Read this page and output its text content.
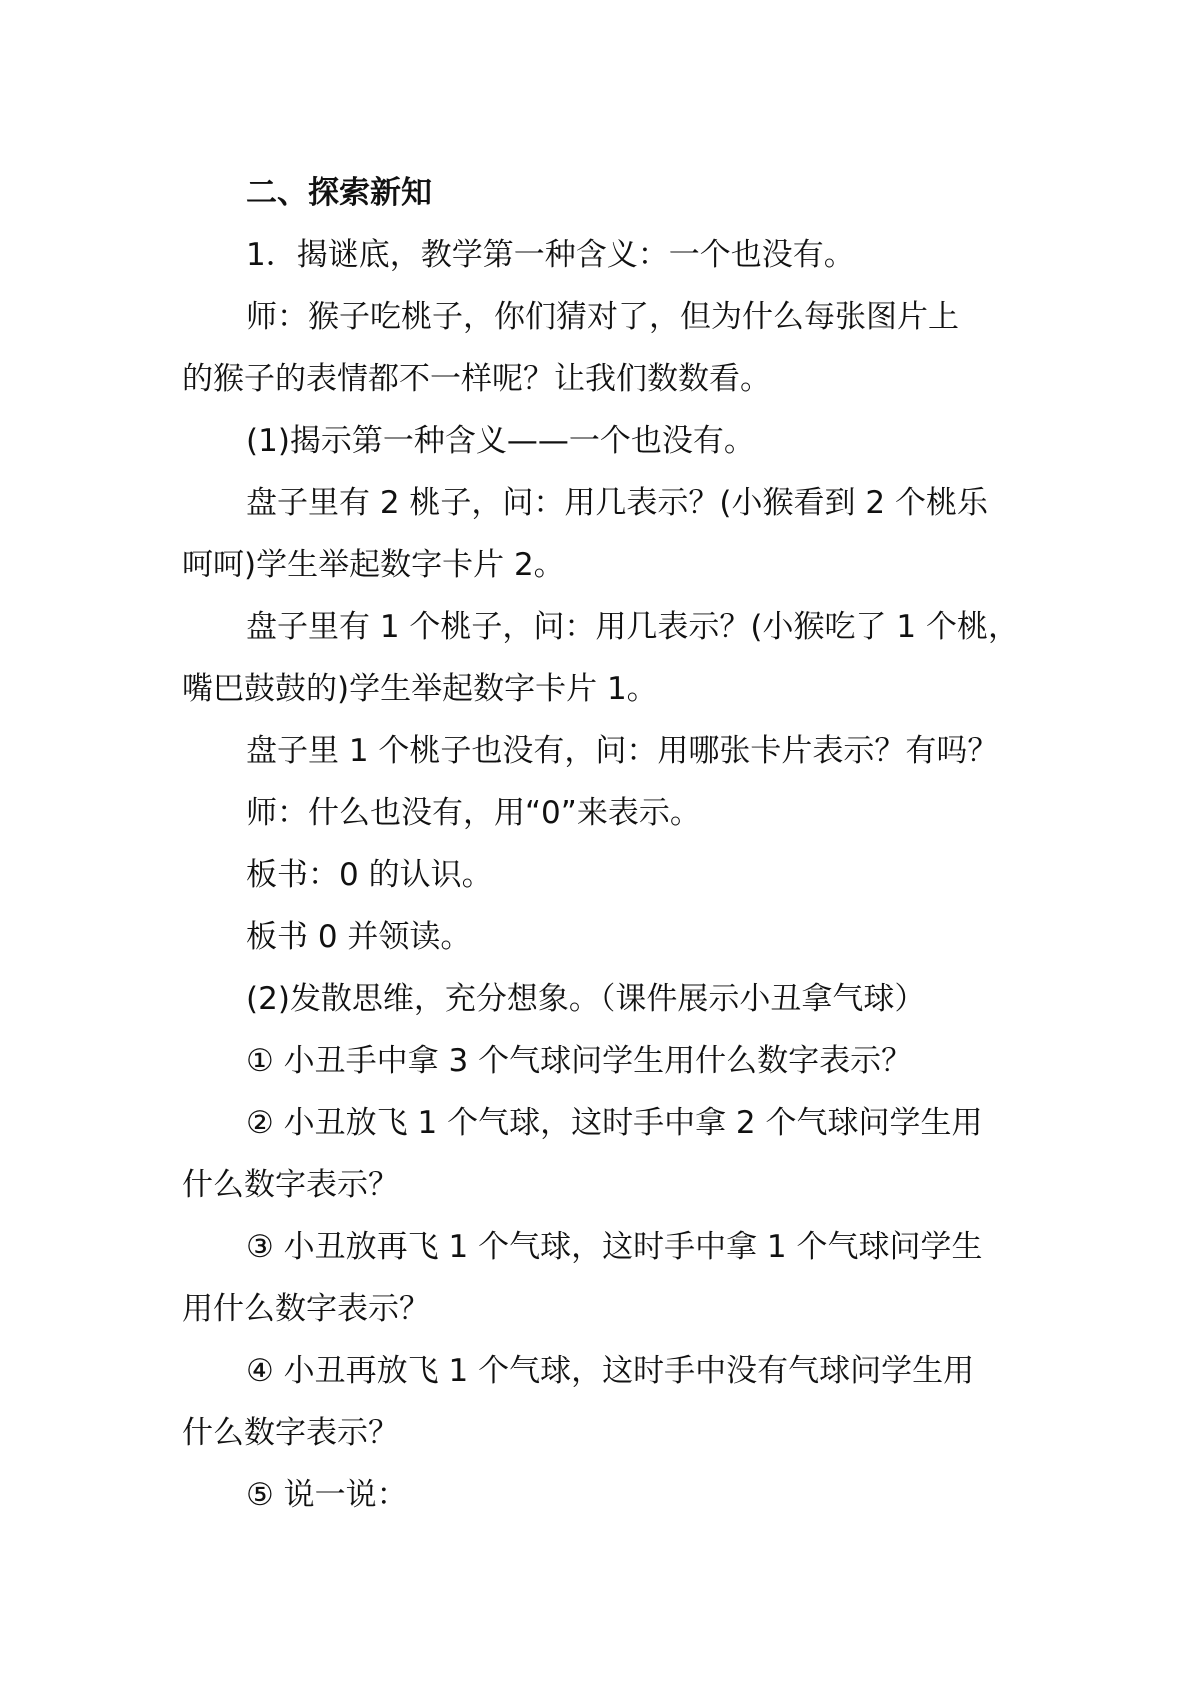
二、探索新知

1．揭谜底，教学第一种含义：一个也没有。

师：猴子吃桃子，你们猜对了，但为什么每张图片上

的猴子的表情都不一样呢？让我们数数看。

(1)揭示第一种含义——一个也没有。

盘子里有 2 桃子，问：用几表示？(小猴看到 2 个桃乐

呵呵)学生举起数字卡片 2。

盘子里有 1 个桃子，问：用几表示？(小猴吃了 1 个桃，

嘴巴鼓鼓的)学生举起数字卡片 1。

盘子里 1 个桃子也没有，问：用哪张卡片表示？有吗？

师：什么也没有，用“0”来表示。

板书：0 的认识。

板书 0 并领读。

(2)发散思维，充分想象。（课件展示小丑拿气球）

① 小丑手中拿 3 个气球问学生用什么数字表示？

② 小丑放飞 1 个气球，这时手中拿 2 个气球问学生用

什么数字表示？

③ 小丑放再飞 1 个气球，这时手中拿 1 个气球问学生

用什么数字表示？

④ 小丑再放飞 1 个气球，这时手中没有气球问学生用

什么数字表示？

⑤ 说一说：
